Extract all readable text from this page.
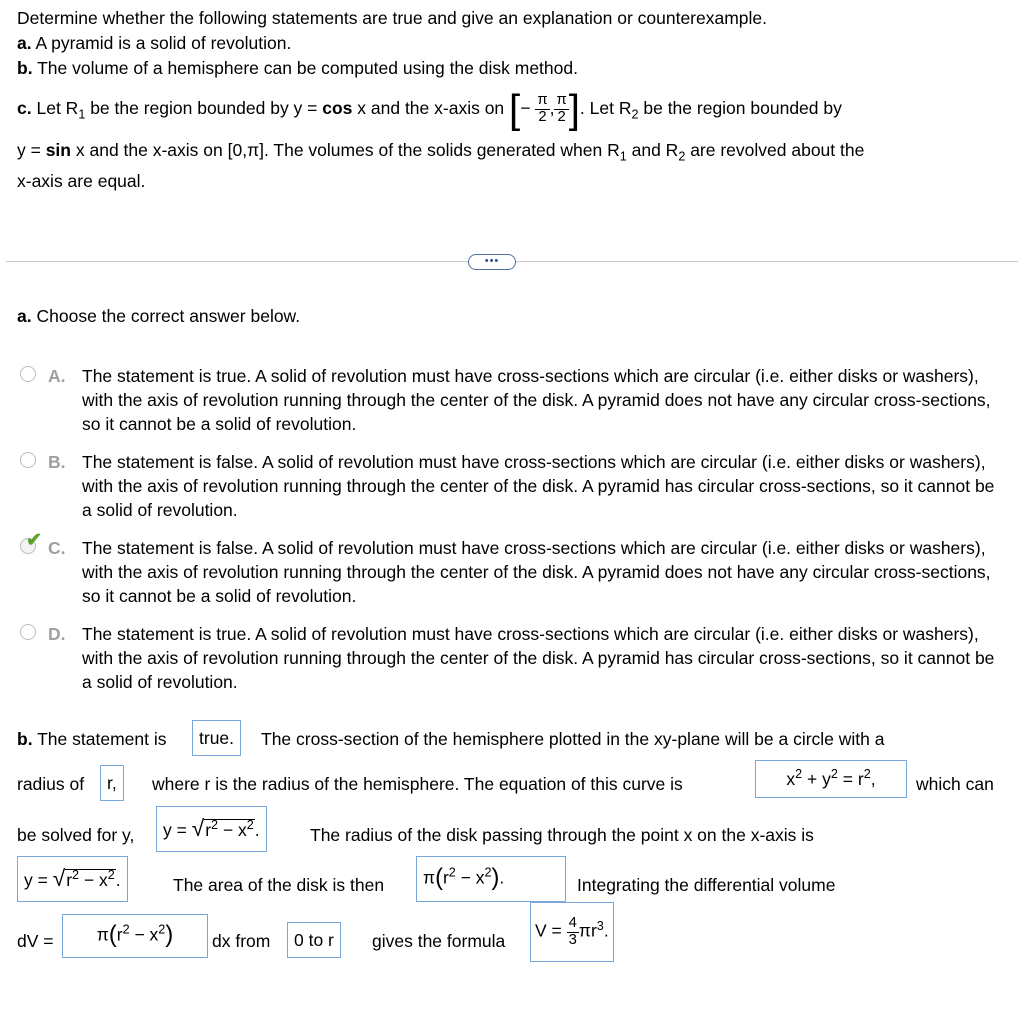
Determine whether the following statements are true and give an explanation or counterexample.
a. A pyramid is a solid of revolution.
b. The volume of a hemisphere can be computed using the disk method.
c. Let $R_1$ be the region bounded by y = cos x and the x-axis on [− $\frac{\pi}{2}$ , $\frac{\pi}{2}$ ]. Let $R_2$ be the region bounded by
y = sin x and the x-axis on [0,π]. The volumes of the solids generated when $R_1$ and $R_2$ are revolved about the
x-axis are equal.
•••
a. Choose the correct answer below.
A. The statement is true. A solid of revolution must have cross-sections which are circular (i.e. either disks or washers), with the axis of revolution running through the center of the disk. A pyramid does not have any circular cross-sections, so it cannot be a solid of revolution.
B. The statement is false. A solid of revolution must have cross-sections which are circular (i.e. either disks or washers), with the axis of revolution running through the center of the disk. A pyramid has circular cross-sections, so it cannot be a solid of revolution.
✔ C. The statement is false. A solid of revolution must have cross-sections which are circular (i.e. either disks or washers), with the axis of revolution running through the center of the disk. A pyramid does not have any circular cross-sections, so it cannot be a solid of revolution.
D. The statement is true. A solid of revolution must have cross-sections which are circular (i.e. either disks or washers), with the axis of revolution running through the center of the disk. A pyramid has circular cross-sections, so it cannot be a solid of revolution.
b. The statement is true. The cross-section of the hemisphere plotted in the xy-plane will be a circle with a
radius of r, where r is the radius of the hemisphere. The equation of this curve is	$x^2 + y^2 = r^2$, which can
be solved for y, $y = √r^2 - x^2$.	The radius of the disk passing through the point x on the x-axis is
$y = √r^2 - x^2$.	The area of the disk is then $\pi(r^2 - x^2)$.	Integrating the differential volume
dV = $\pi(r^2 - x^2)$ dx from 0 to r gives the formula
$V = \frac{4}{3} \pi r^3$.
